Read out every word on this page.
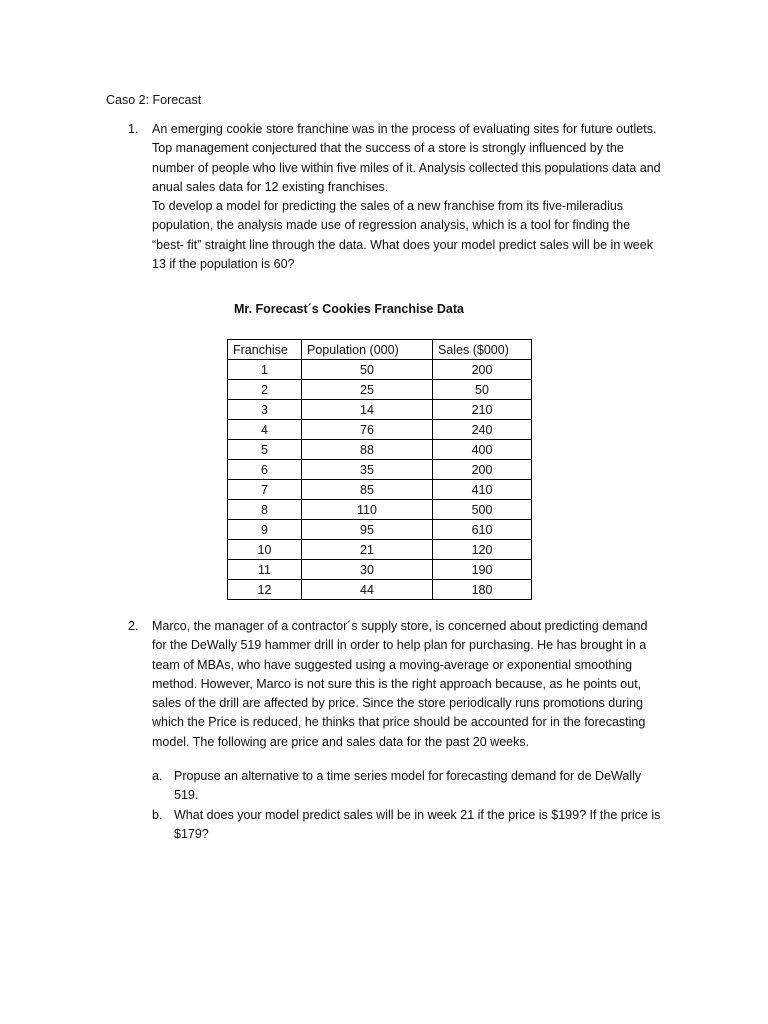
Caso 2: Forecast
1. An emerging cookie store franchine was in the process of evaluating sites for future outlets. Top management conjectured that the success of a store is strongly influenced by the number of people who live within five miles of it. Analysis collected this populations data and anual sales data for 12 existing franchises.

To develop a model for predicting the sales of a new franchise from its five-mileradius population, the analysis made use of regression analysis, which is a tool for finding the “best- fit” straight line through the data. What does your model predict sales will be in week 13 if the population is 60?

Mr. Forecast´s Cookies Franchise Data

Franchise	Population (000)	Sales ($000)
1	50	200
2	25	50
3	14	210
4	76	240
5	88	400
6	35	200
7	85	410
8	110	500
9	95	610
10	21	120
11	30	190
12	44	180
2. Marco, the manager of a contractor´s supply store, is concerned about predicting demand for the DeWally 519 hammer drill in order to help plan for purchasing. He has brought in a team of MBAs, who have suggested using a moving-average or exponential smoothing method. However, Marco is not sure this is the right approach because, as he points out, sales of the drill are affected by price. Since the store periodically runs promotions during which the Price is reduced, he thinks that price should be accounted for in the forecasting model. The following are price and sales data for the past 20 weeks.

a. Propuse an alternative to a time series model for forecasting demand for de DeWally 519.

b. What does your model predict sales will be in week 21 if the price is $199? If the price is $179?
